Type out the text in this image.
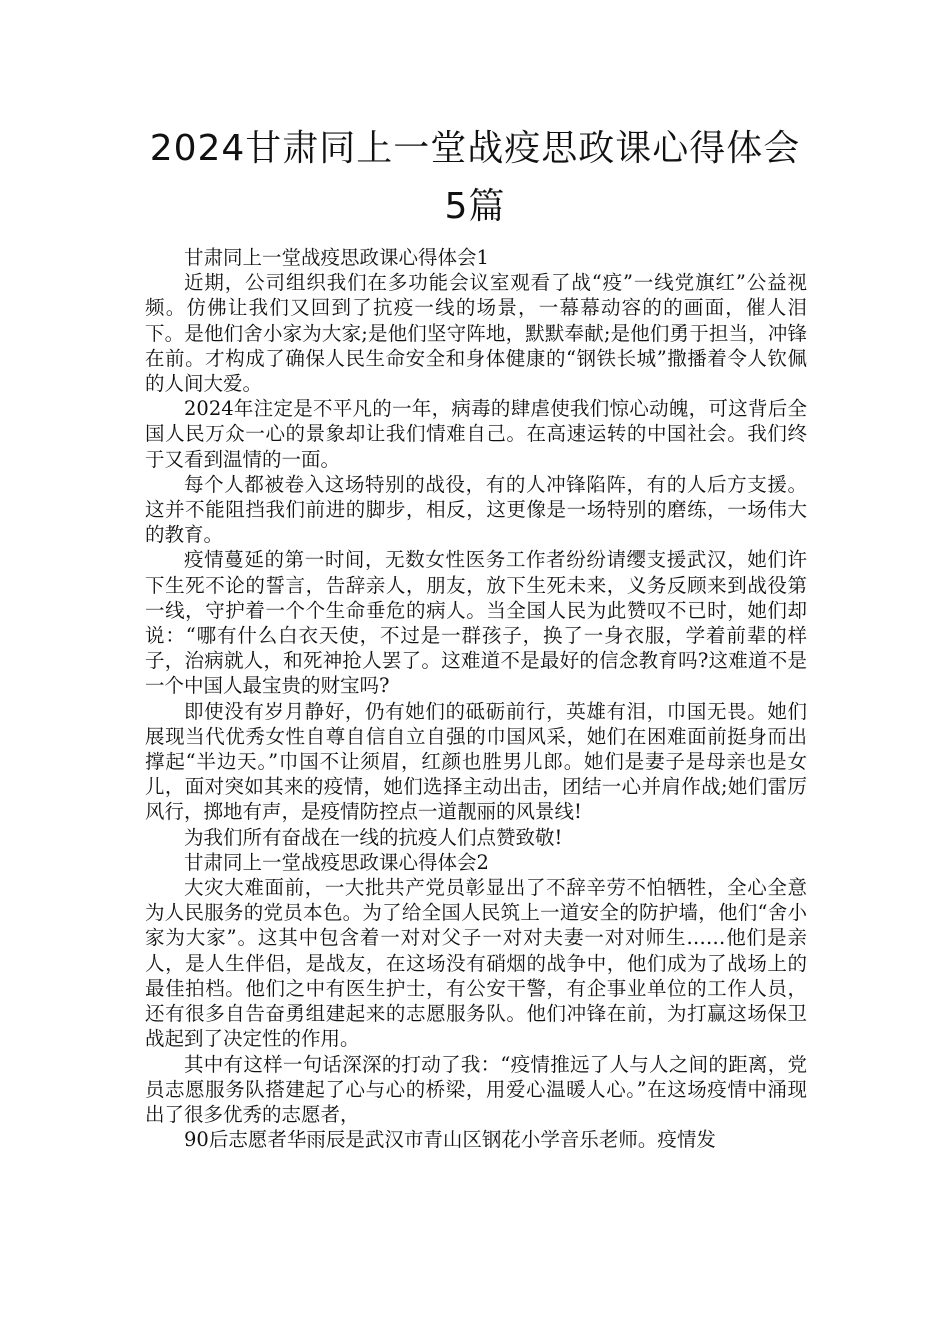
2024甘肃同上一堂战疫思政课心得体会
5篇

甘肃同上一堂战疫思政课心得体会1

近期，公司组织我们在多功能会议室观看了战“疫”一线党旗红”公益视频。仿佛让我们又回到了抗疫一线的场景，一幕幕动容的的画面，催人泪下。是他们舍小家为大家;是他们坚守阵地，默默奉献;是他们勇于担当，冲锋在前。才构成了确保人民生命安全和身体健康的“钢铁长城”撒播着令人钦佩的人间大爱。

2024年注定是不平凡的一年，病毒的肆虐使我们惊心动魄，可这背后全国人民万众一心的景象却让我们情难自己。在高速运转的中国社会。我们终于又看到温情的一面。

每个人都被卷入这场特别的战役，有的人冲锋陷阵，有的人后方支援。这并不能阻挡我们前进的脚步，相反，这更像是一场特别的磨练，一场伟大的教育。

疫情蔓延的第一时间，无数女性医务工作者纷纷请缨支援武汉，她们许下生死不论的誓言，告辞亲人，朋友，放下生死未来，义务反顾来到战役第一线，守护着一个个生命垂危的病人。当全国人民为此赞叹不已时，她们却说：“哪有什么白衣天使，不过是一群孩子，换了一身衣服，学着前辈的样子，治病就人，和死神抢人罢了。这难道不是最好的信念教育吗?这难道不是一个中国人最宝贵的财宝吗?

即使没有岁月静好，仍有她们的砥砺前行，英雄有泪，巾国无畏。她们展现当代优秀女性自尊自信自立自强的巾国风采，她们在困难面前挺身而出撑起“半边天。”巾国不让须眉，红颜也胜男儿郎。她们是妻子是母亲也是女儿，面对突如其来的疫情，她们选择主动出击，团结一心并肩作战;她们雷厉风行，掷地有声，是疫情防控点一道靓丽的风景线!

为我们所有奋战在一线的抗疫人们点赞致敬!

甘肃同上一堂战疫思政课心得体会2

大灾大难面前，一大批共产党员彰显出了不辞辛劳不怕牺牲，全心全意为人民服务的党员本色。为了给全国人民筑上一道安全的防护墙，他们“舍小家为大家”。这其中包含着一对对父子一对对夫妻一对对师生……他们是亲人，是人生伴侣，是战友，在这场没有硝烟的战争中，他们成为了战场上的最佳拍档。他们之中有医生护士，有公安干警，有企事业单位的工作人员，还有很多自告奋勇组建起来的志愿服务队。他们冲锋在前，为打赢这场保卫战起到了决定性的作用。

其中有这样一句话深深的打动了我：“疫情推远了人与人之间的距离，党员志愿服务队搭建起了心与心的桥梁，用爱心温暖人心。”在这场疫情中涌现出了很多优秀的志愿者，

90后志愿者华雨辰是武汉市青山区钢花小学音乐老师。疫情发
